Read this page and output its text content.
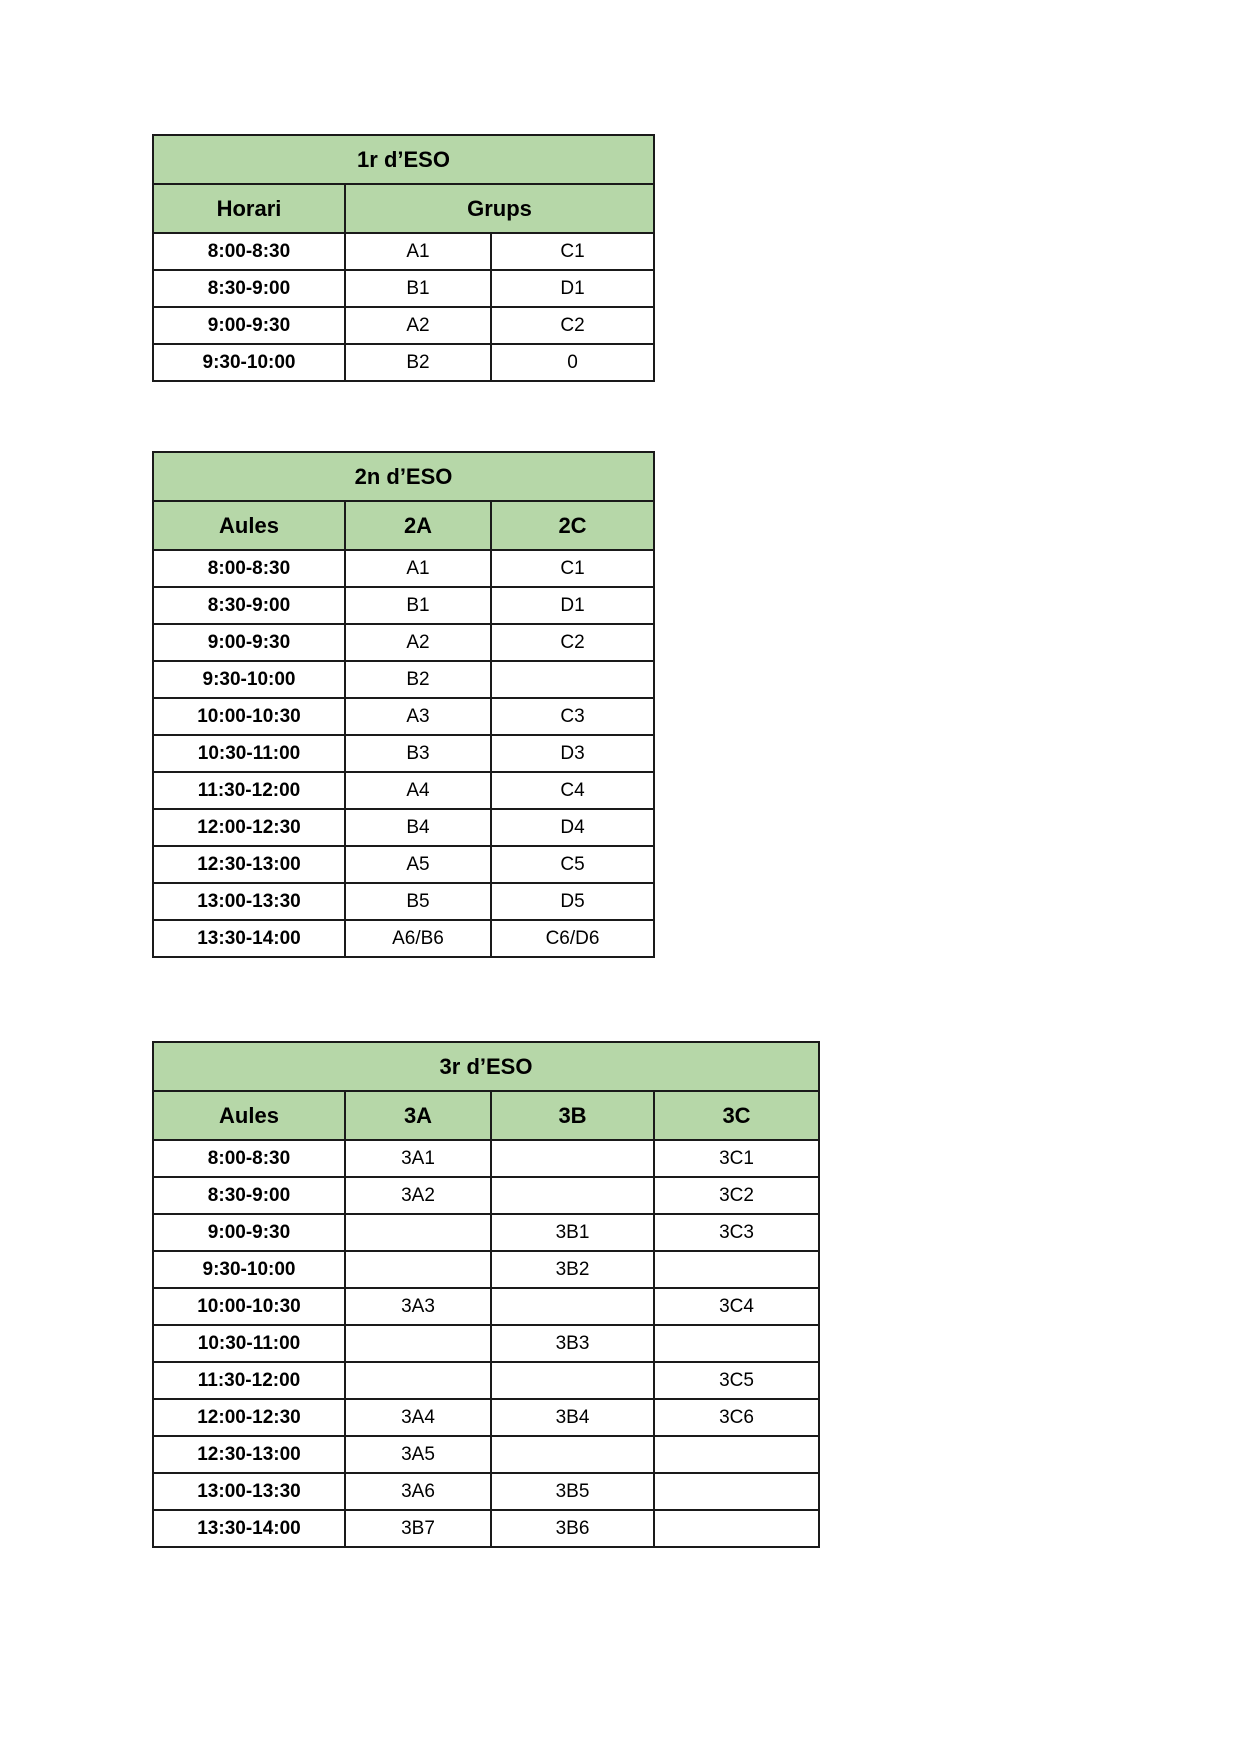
1r d’ESO		
Horari	Grups	
8:00-8:30	A1	C1
8:30-9:00	B1	D1
9:00-9:30	A2	C2
9:30-10:00	B2	0
2n d’ESO		
Aules	2A	2C
8:00-8:30	A1	C1
8:30-9:00	B1	D1
9:00-9:30	A2	C2
9:30-10:00	B2	
10:00-10:30	A3	C3
10:30-11:00	B3	D3
11:30-12:00	A4	C4
12:00-12:30	B4	D4
12:30-13:00	A5	C5
13:00-13:30	B5	D5
13:30-14:00	A6/B6	C6/D6
3r d’ESO			
Aules	3A	3B	3C
8:00-8:30	3A1		3C1
8:30-9:00	3A2		3C2
9:00-9:30		3B1	3C3
9:30-10:00		3B2	
10:00-10:30	3A3		3C4
10:30-11:00		3B3	
11:30-12:00			3C5
12:00-12:30	3A4	3B4	3C6
12:30-13:00	3A5		
13:00-13:30	3A6	3B5	
13:30-14:00	3B7	3B6	
